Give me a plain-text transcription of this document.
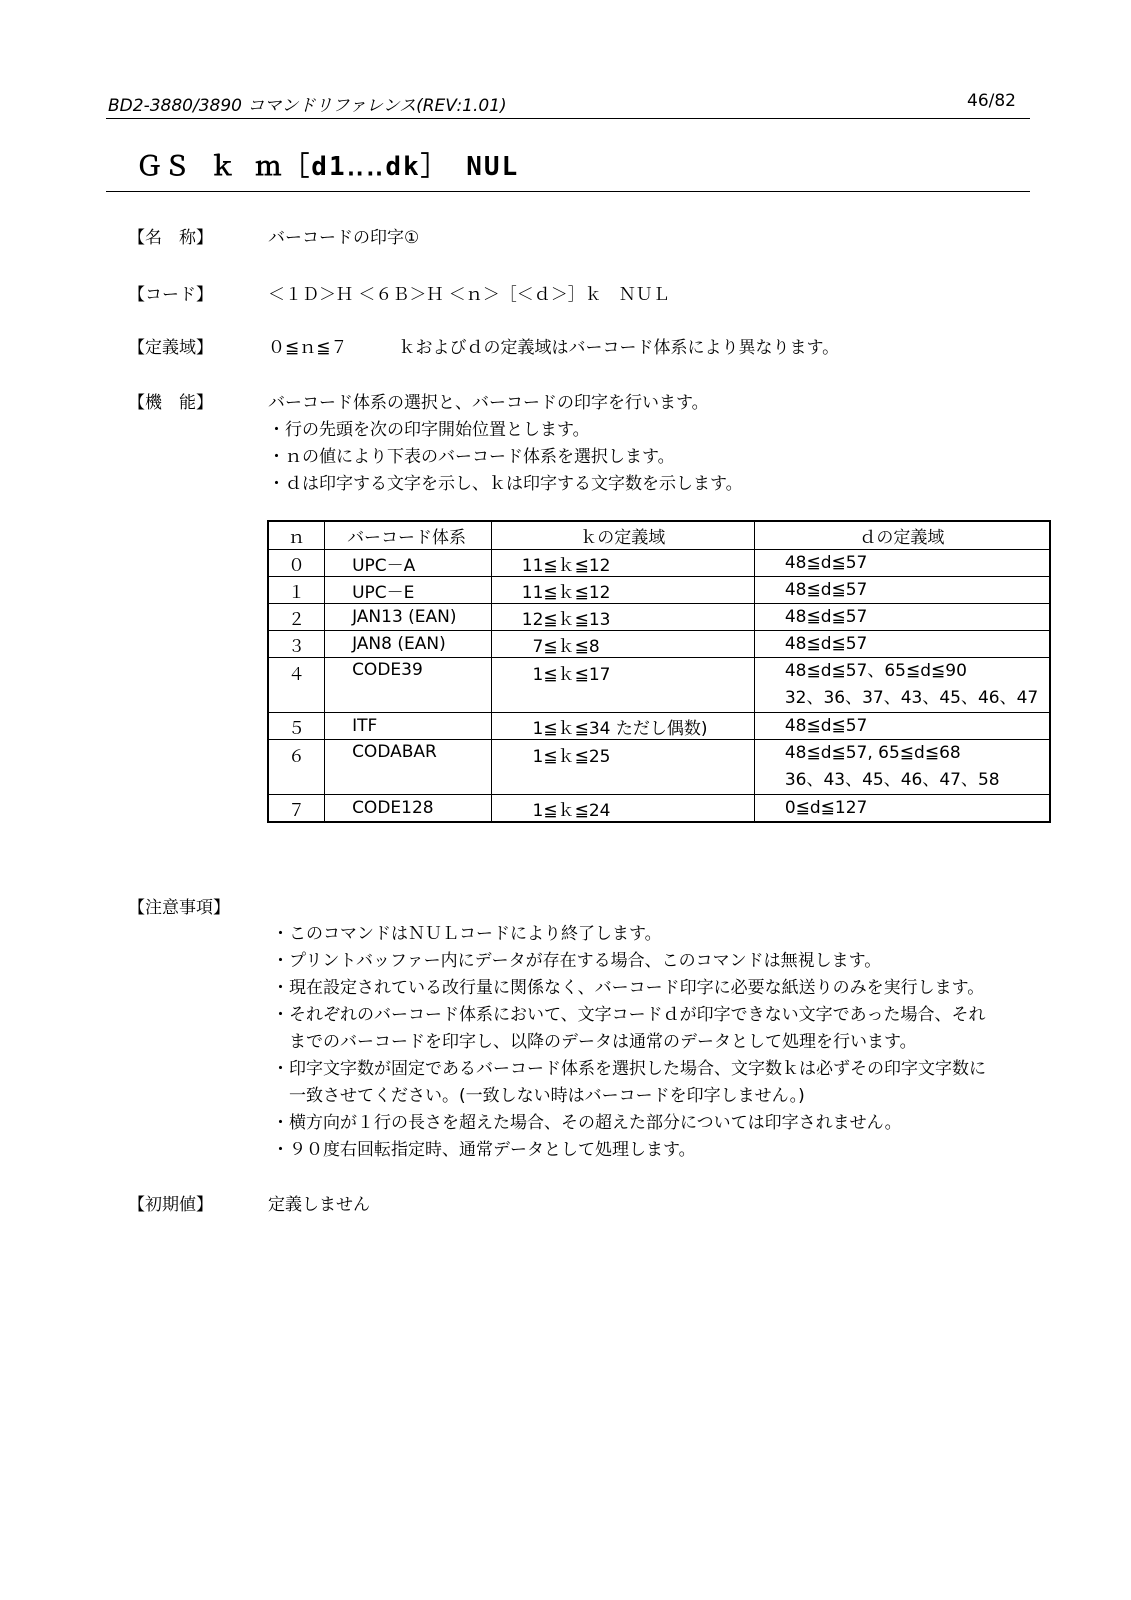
BD2-3880/3890 コマンドリファレンス(REV:1.01)	46/82
ＧＳ ｋ ｍ［d1‥‥dk］ NUL
【名　称】	バーコードの印字①
【コード】	＜１Ｄ＞Ｈ ＜６Ｂ＞Ｈ ＜ｎ＞［＜ｄ＞］ｋ　ＮＵＬ
【定義域】	０≦ｎ≦７　　　ｋおよびｄの定義域はバーコード体系により異なります。
【機　能】	バーコード体系の選択と、バーコードの印字を行います。
・行の先頭を次の印字開始位置とします。
・ｎの値により下表のバーコード体系を選択します。
・ｄは印字する文字を示し、ｋは印字する文字数を示します。
ｎ	バーコード体系	ｋの定義域	ｄの定義域
０	UPC－A	11≦ｋ≦12	48≦d≦57
１	UPC－E	11≦ｋ≦12	48≦d≦57
２	JAN13 (EAN)	12≦ｋ≦13	48≦d≦57
３	JAN8 (EAN)	7≦ｋ≦8	48≦d≦57
４	CODE39	1≦ｋ≦17	48≦d≦57、65≦d≦90
32、36、37、43、45、46、47

５	ITF	1≦ｋ≦34 ただし偶数)	48≦d≦57
６	CODABAR	1≦ｋ≦25	48≦d≦57, 65≦d≦68
36、43、45、46、47、58

７	CODE128	1≦ｋ≦24	0≦d≦127
【注意事項】
・このコマンドはＮＵＬコードにより終了します。
・プリントバッファー内にデータが存在する場合、このコマンドは無視します。
・現在設定されている改行量に関係なく、バーコード印字に必要な紙送りのみを実行します。
・それぞれのバーコード体系において、文字コードｄが印字できない文字であった場合、それ
　までのバーコードを印字し、以降のデータは通常のデータとして処理を行います。
・印字文字数が固定であるバーコード体系を選択した場合、文字数ｋは必ずその印字文字数に
　一致させてください。(一致しない時はバーコードを印字しません。)
・横方向が１行の長さを超えた場合、その超えた部分については印字されません。
・９０度右回転指定時、通常データとして処理します。
【初期値】	定義しません
